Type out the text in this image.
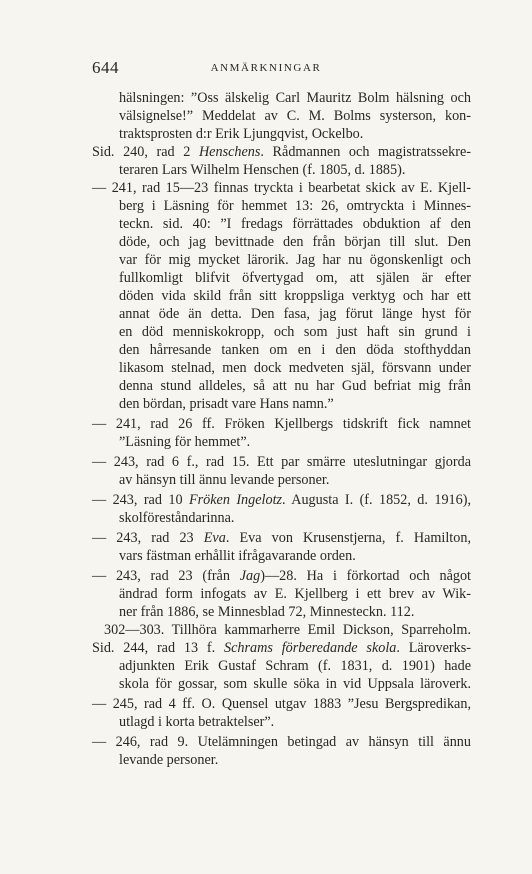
644	ANMÄRKNINGAR
hälsningen: ”Oss älskelig Carl Mauritz Bolm hälsning och
välsignelse!” Meddelat av C. M. Bolms systerson, kon-
traktsprosten d:r Erik Ljungqvist, Ockelbo.
Sid. 240, rad 2 Henschens. Rådmannen och magistratssekre-
teraren Lars Wilhelm Henschen (f. 1805, d. 1885).
— 241, rad 15—23 finnas tryckta i bearbetat skick av E. Kjell-
berg i Läsning för hemmet 13: 26, omtryckta i Minnes-
teckn. sid. 40: ”I fredags förrättades obduktion af den
döde, och jag bevittnade den från början till slut. Den
var för mig mycket lärorik. Jag har nu ögonskenligt och
fullkomligt blifvit öfvertygad om, att själen är efter
döden vida skild från sitt kroppsliga verktyg och har ett
annat öde än detta. Den fasa, jag förut länge hyst för
en död menniskokropp, och som just haft sin grund i
den hårresande tanken om en i den döda stofthyddan
likasom stelnad, men dock medveten själ, försvann under
denna stund alldeles, så att nu har Gud befriat mig från
den bördan, prisadt vare Hans namn.”
— 241, rad 26 ff. Fröken Kjellbergs tidskrift fick namnet
”Läsning för hemmet”.
— 243, rad 6 f., rad 15. Ett par smärre uteslutningar gjorda
av hänsyn till ännu levande personer.
— 243, rad 10 Fröken Ingelotz. Augusta I. (f. 1852, d. 1916),
skolföreståndarinna.
— 243, rad 23 Eva. Eva von Krusenstjerna, f. Hamilton,
vars fästman erhållit ifrågavarande orden.
— 243, rad 23 (från Jag)—28. Ha i förkortad och något
ändrad form infogats av E. Kjellberg i ett brev av Wik-
ner från 1886, se Minnesblad 72, Minnesteckn. 112.
302—303. Tillhöra kammarherre Emil Dickson, Sparreholm.
Sid. 244, rad 13 f. Schrams förberedande skola. Läroverks-
adjunkten Erik Gustaf Schram (f. 1831, d. 1901) hade
skola för gossar, som skulle söka in vid Uppsala läroverk.
— 245, rad 4 ff. O. Quensel utgav 1883 ”Jesu Bergspredikan,
utlagd i korta betraktelser”.
— 246, rad 9. Utelämningen betingad av hänsyn till ännu
levande personer.
